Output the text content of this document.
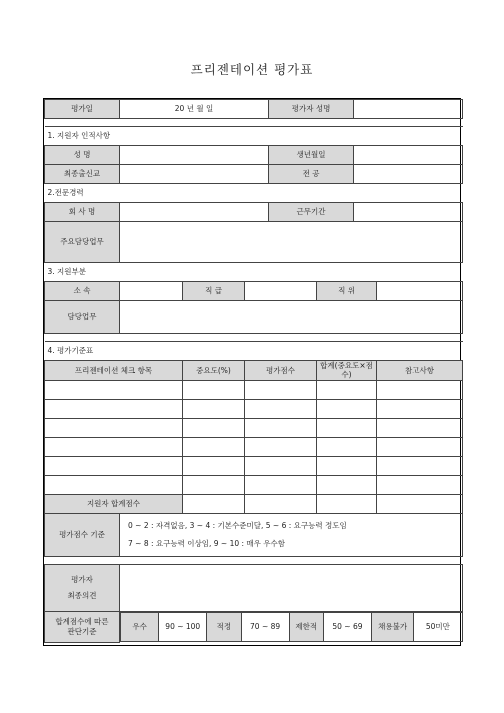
프리젠테이션 평가표
평가일	20 년 월 일	평가자 성명	

1. 지원자 인적사항
성 명		생년월일	
최종출신교		전 공	
2.전문경력
회 사 명		근무기간	
주요담당업무	
3. 지원부분
소 속		직 급		직 위	
담당업무	

4. 평가기준표
프리젠테이션 체크 항목	중요도(%)	평가점수	합계(중요도×점수)	참고사항

지원자 합계점수				
평가점수 기준	
0 ~ 2 : 자격없음, 3 ~ 4 : 기본수준미달, 5 ~ 6 : 요구능력 정도임
7 ~ 8 : 요구능력 이상임, 9 ~ 10 : 매우 우수함

평가자
최종의견

합계점수에 따른
판단기준
		우수	90 ~ 100	적정	70 ~ 89	제한적	50 ~ 69	채용불가	50미만
